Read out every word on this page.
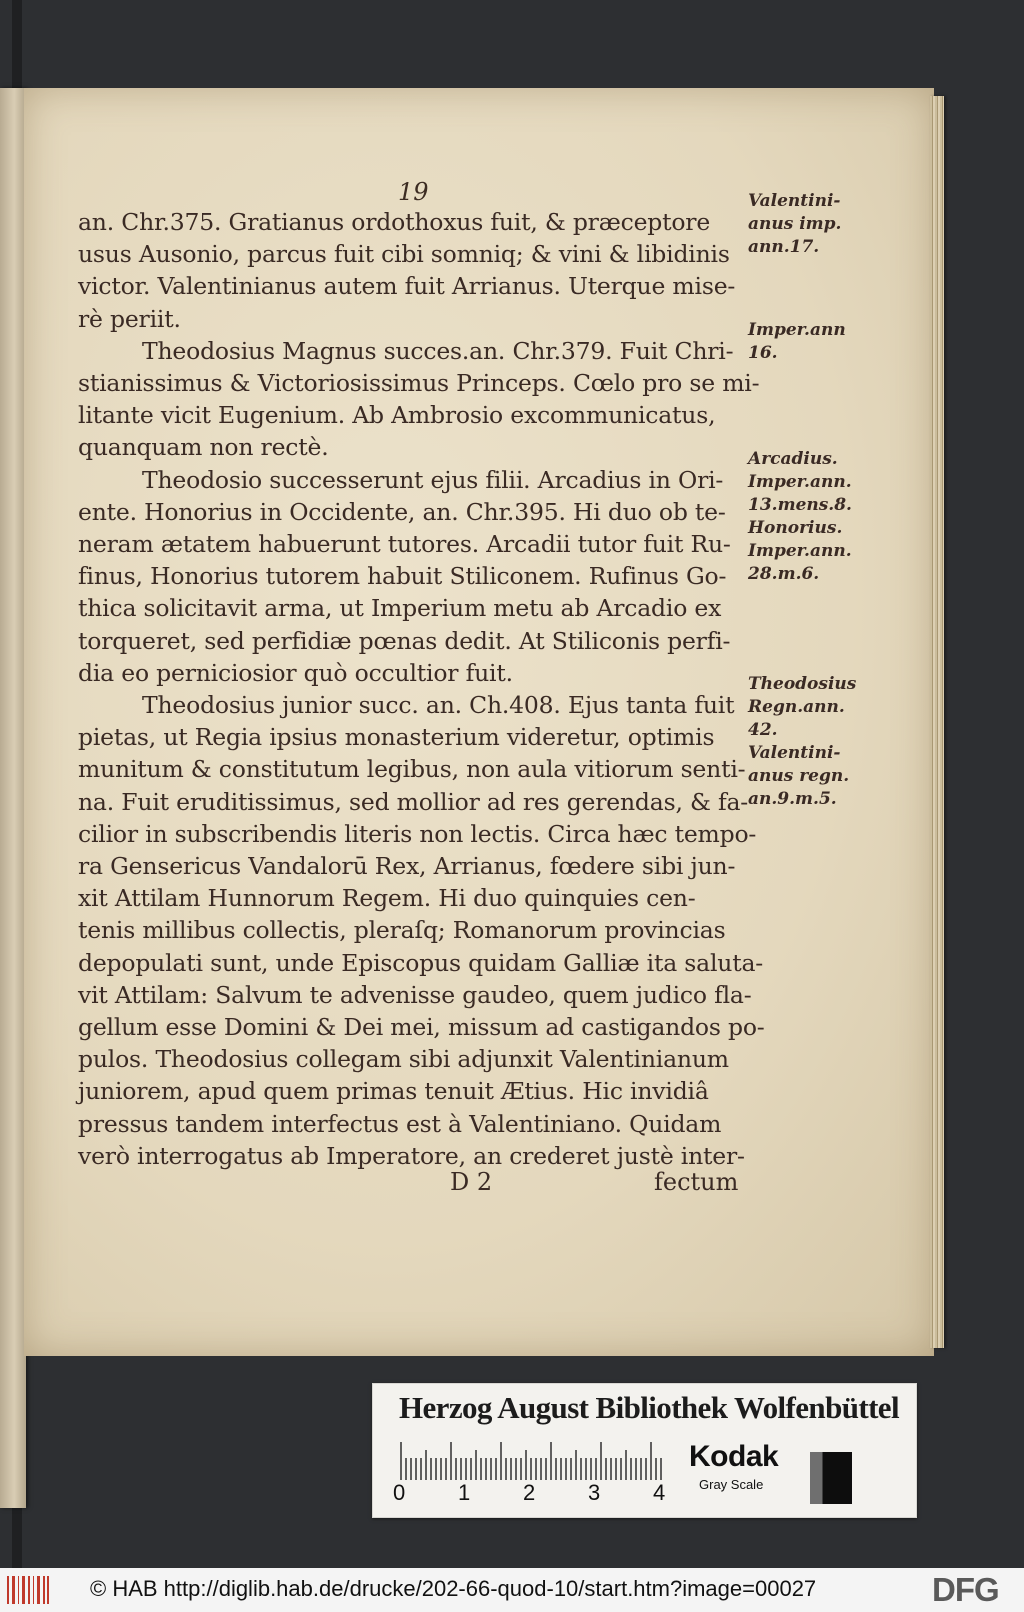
19
an. Chr.375. Gratianus ordothoxus fuit, & præceptore
usus Ausonio, parcus fuit cibi somniq; & vini & libidinis
victor. Valentinianus autem fuit Arrianus. Uterque mise-
rè periit.
Theodosius Magnus succes.an. Chr.379. Fuit Chri-
stianissimus & Victoriosissimus Princeps. Cœlo pro se mi-
litante vicit Eugenium. Ab Ambrosio excommunicatus,
quanquam non rectè.
Theodosio successerunt ejus filii. Arcadius in Ori-
ente. Honorius in Occidente, an. Chr.395. Hi duo ob te-
neram ætatem habuerunt tutores. Arcadii tutor fuit Ru-
finus, Honorius tutorem habuit Stiliconem. Rufinus Go-
thica solicitavit arma, ut Imperium metu ab Arcadio ex
torqueret, sed perfidiæ pœnas dedit. At Stiliconis perfi-
dia eo perniciosior quò occultior fuit.
Theodosius junior succ. an. Ch.408. Ejus tanta fuit
pietas, ut Regia ipsius monasterium videretur, optimis
munitum & constitutum legibus, non aula vitiorum senti-
na. Fuit eruditissimus, sed mollior ad res gerendas, & fa-
cilior in subscribendis literis non lectis. Circa hæc tempo-
ra Gensericus Vandalorū Rex, Arrianus, fœdere sibi jun-
xit Attilam Hunnorum Regem. Hi duo quinquies cen-
tenis millibus collectis, pleraſq; Romanorum provincias
depopulati sunt, unde Episcopus quidam Galliæ ita saluta-
vit Attilam: Salvum te advenisse gaudeo, quem judico fla-
gellum esse Domini & Dei mei, missum ad castigandos po-
pulos. Theodosius collegam sibi adjunxit Valentinianum
juniorem, apud quem primas tenuit Ætius. Hic invidiâ
pressus tandem interfectus est à Valentiniano. Quidam
verò interrogatus ab Imperatore, an crederet justè inter-
Valentini-
anus imp.
ann.17.
Imper.ann
16.
Arcadius.
Imper.ann.
13.mens.8.
Honorius.
Imper.ann.
28.m.6.
Theodosius
Regn.ann.
42.
Valentini-
anus regn.
an.9.m.5.
D 2	fectum
Herzog August Bibliothek Wolfenbüttel
0 1 2 3 4
Kodak
Gray Scale
© HAB http://diglib.hab.de/drucke/202-66-quod-10/start.htm?image=00027	DFG
